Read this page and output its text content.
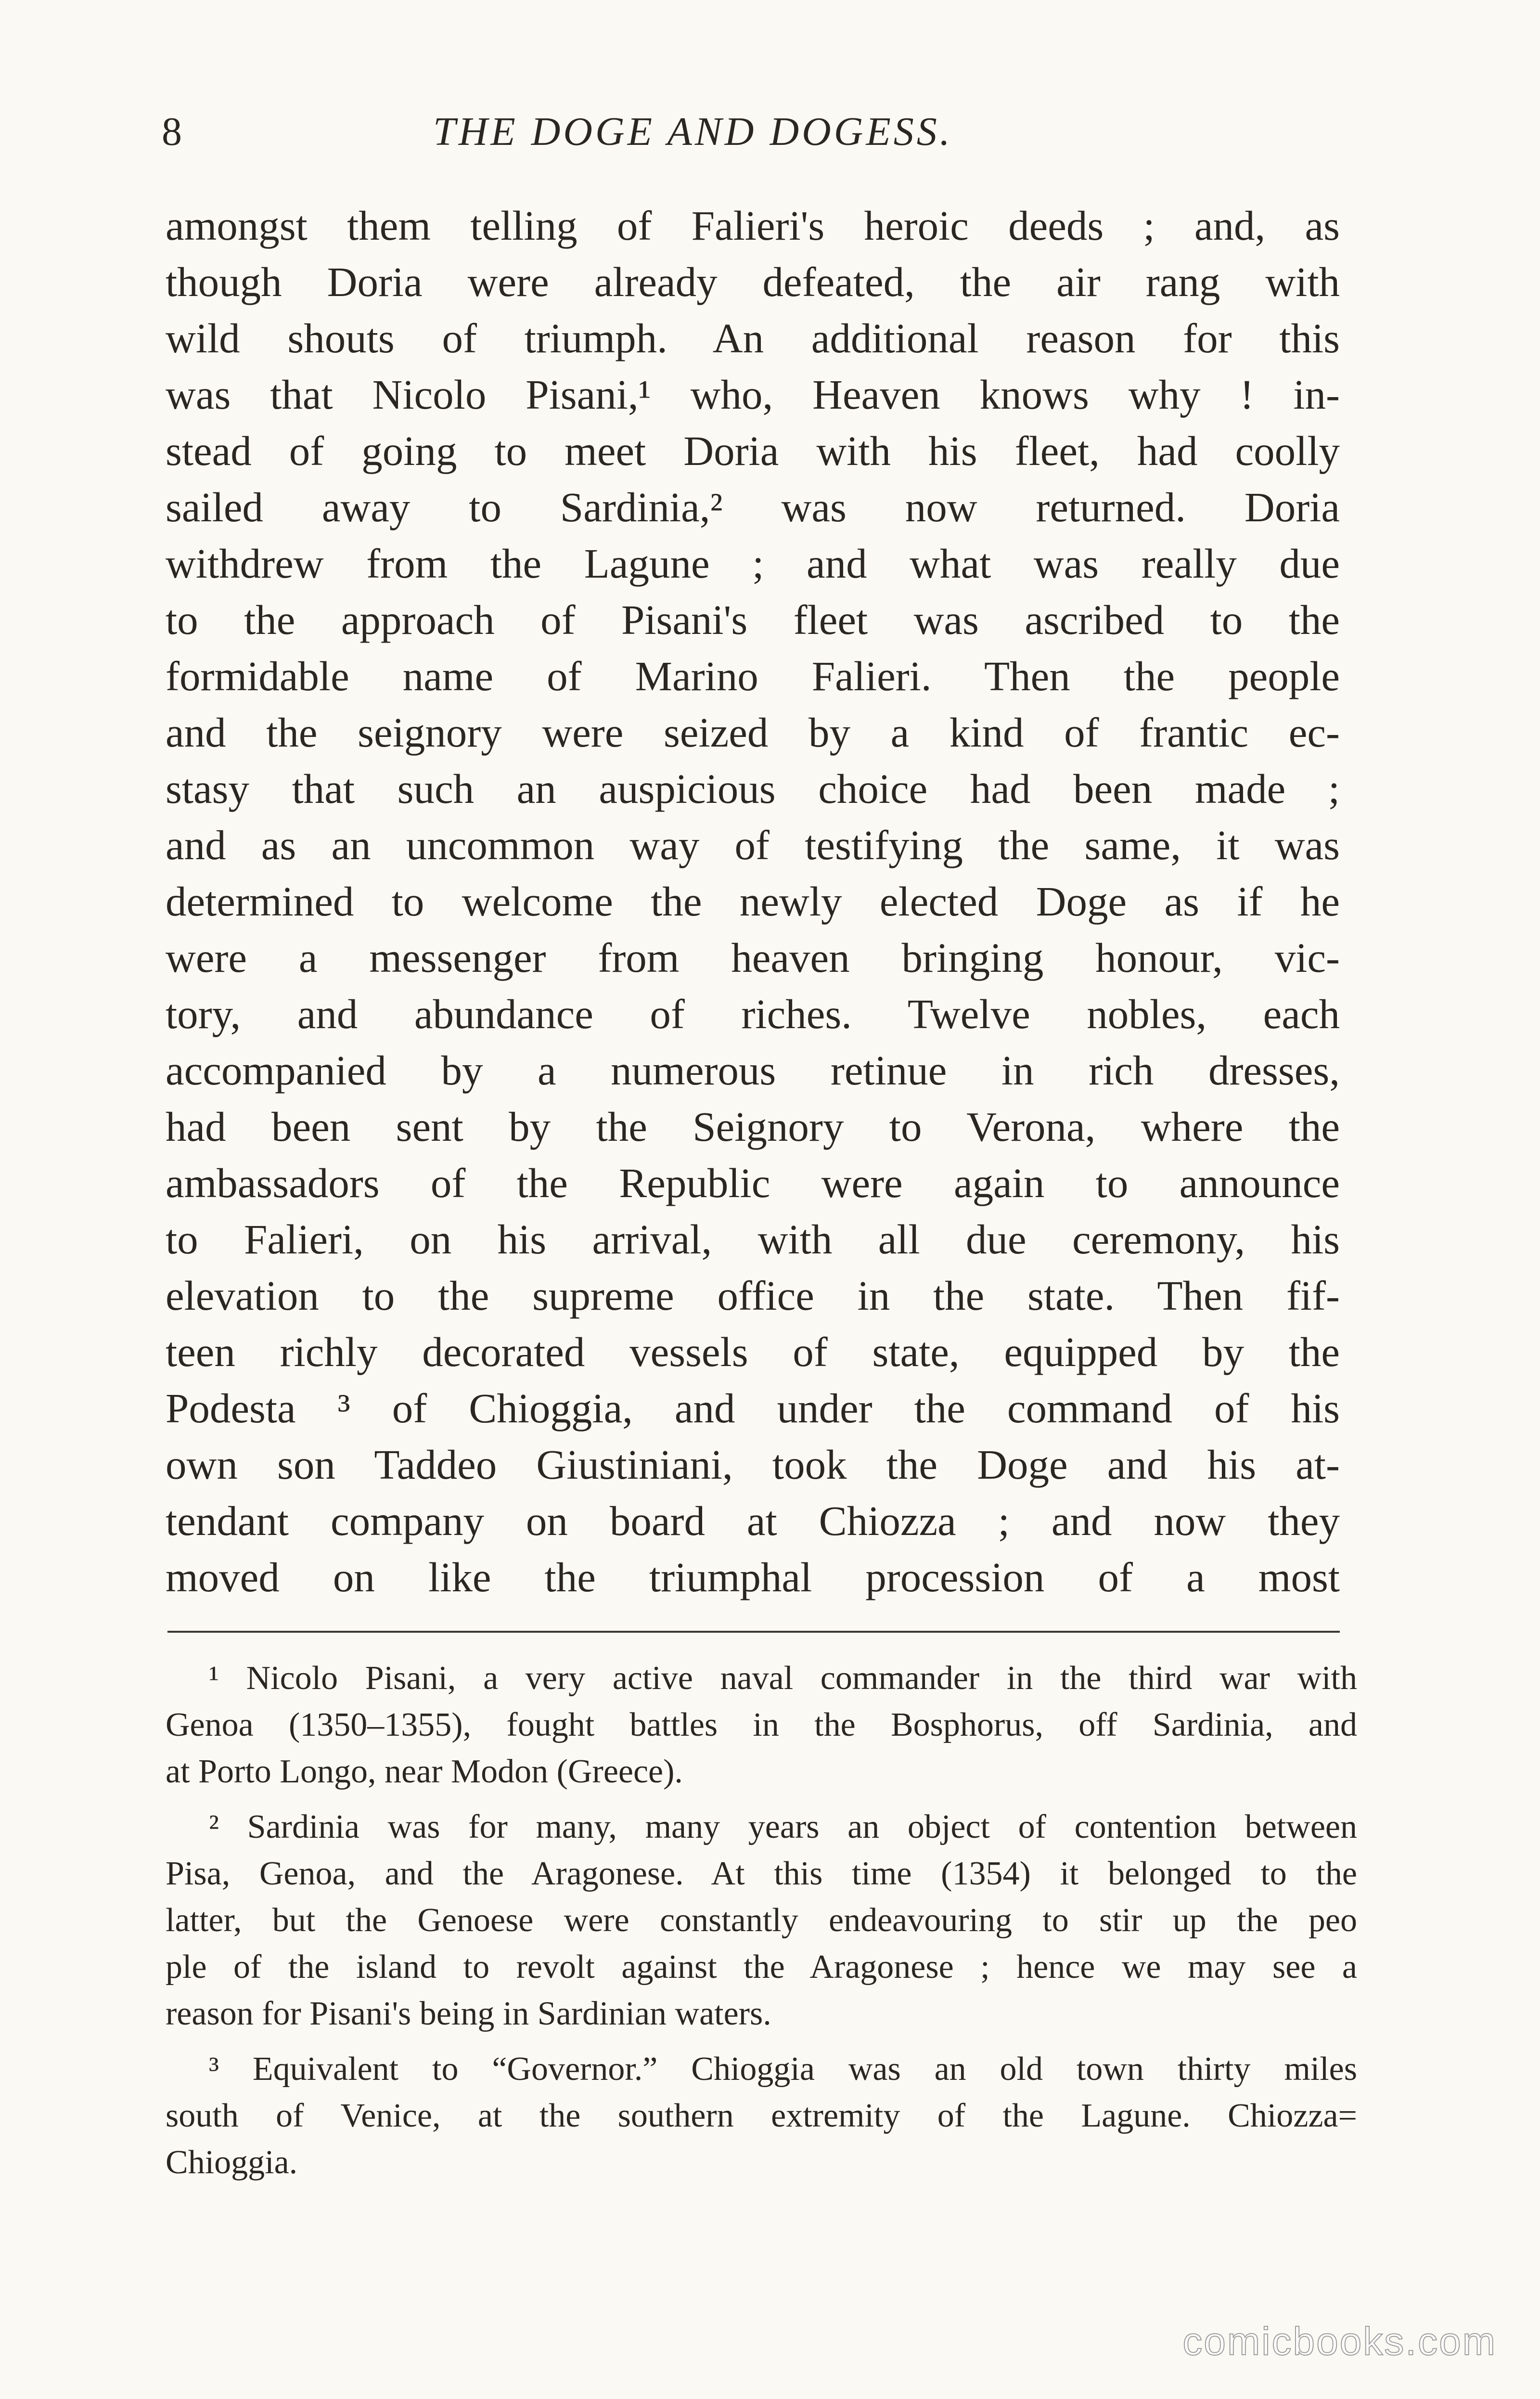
8	THE DOGE AND DOGESS.
amongst them telling of Falieri's heroic deeds ; and, as
though Doria were already defeated, the air rang with
wild shouts of triumph. An additional reason for this
was that Nicolo Pisani,¹ who, Heaven knows why ! in-
stead of going to meet Doria with his fleet, had coolly
sailed away to Sardinia,² was now returned. Doria
withdrew from the Lagune ; and what was really due
to the approach of Pisani's fleet was ascribed to the
formidable name of Marino Falieri. Then the people
and the seignory were seized by a kind of frantic ec-
stasy that such an auspicious choice had been made ;
and as an uncommon way of testifying the same, it was
determined to welcome the newly elected Doge as if he
were a messenger from heaven bringing honour, vic-
tory, and abundance of riches. Twelve nobles, each
accompanied by a numerous retinue in rich dresses,
had been sent by the Seignory to Verona, where the
ambassadors of the Republic were again to announce
to Falieri, on his arrival, with all due ceremony, his
elevation to the supreme office in the state. Then fif-
teen richly decorated vessels of state, equipped by the
Podesta ³ of Chioggia, and under the command of his
own son Taddeo Giustiniani, took the Doge and his at-
tendant company on board at Chiozza ; and now they
moved on like the triumphal procession of a most
¹ Nicolo Pisani, a very active naval commander in the third war with
Genoa (1350–1355), fought battles in the Bosphorus, off Sardinia, and
at Porto Longo, near Modon (Greece).
² Sardinia was for many, many years an object of contention between
Pisa, Genoa, and the Aragonese. At this time (1354) it belonged to the
latter, but the Genoese were constantly endeavouring to stir up the peo
ple of the island to revolt against the Aragonese ; hence we may see a
reason for Pisani's being in Sardinian waters.
³ Equivalent to “Governor.” Chioggia was an old town thirty miles
south of Venice, at the southern extremity of the Lagune. Chiozza=
Chioggia.
comicbooks.com
